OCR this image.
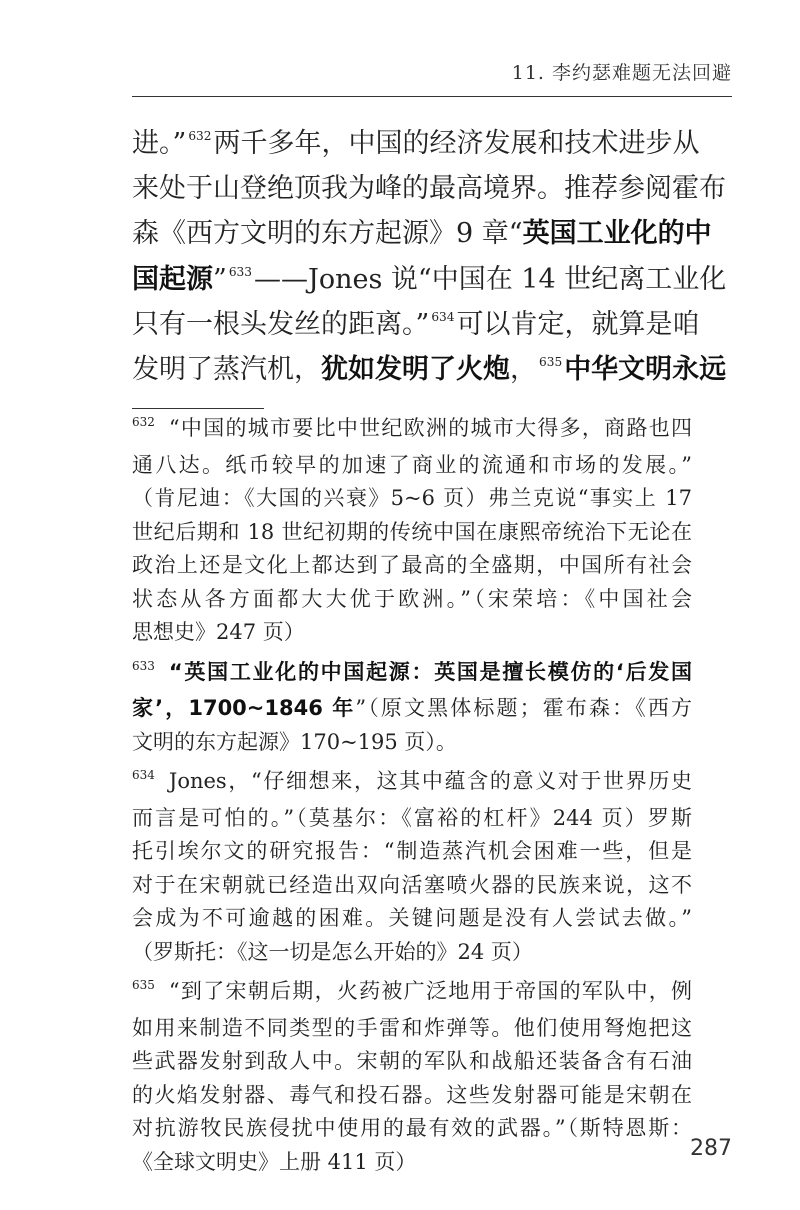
11. 李约瑟难题无法回避
进。” $^{632}$两千多年，中国的经济发展和技术进步从
来处于山登绝顶我为峰的最高境界。推荐参阅霍布
森《西方文明的东方起源》9 章“英国工业化的中
国起源” $^{633}$——Jones 说“中国在 14 世纪离工业化
只有一根头发丝的距离。” $^{634}$可以肯定，就算是咱
发明了蒸汽机，犹如发明了火炮， $^{635}$中华文明永远
$^{632}$ “中国的城市要比中世纪欧洲的城市大得多，商路也四
通八达。纸币较早的加速了商业的流通和市场的发展。”
（肯尼迪：《大国的兴衰》5~6 页）弗兰克说“事实上 17
世纪后期和 18 世纪初期的传统中国在康熙帝统治下无论在
政治上还是文化上都达到了最高的全盛期，中国所有社会
状态从各方面都大大优于欧洲。”（宋荣培：《中国社会
思想史》247 页）
$^{633}$ “英国工业化的中国起源：英国是擅长模仿的‘后发国
家’，1700~1846 年”（原文黑体标题；霍布森：《西方
文明的东方起源》170~195 页）。
$^{634}$ Jones，“仔细想来，这其中蕴含的意义对于世界历史
而言是可怕的。”（莫基尔：《富裕的杠杆》244 页）罗斯
托引埃尔文的研究报告：“制造蒸汽机会困难一些，但是
对于在宋朝就已经造出双向活塞喷火器的民族来说，这不
会成为不可逾越的困难。关键问题是没有人尝试去做。”
（罗斯托：《这一切是怎么开始的》24 页）
$^{635}$ “到了宋朝后期，火药被广泛地用于帝国的军队中，例
如用来制造不同类型的手雷和炸弹等。他们使用弩炮把这
些武器发射到敌人中。宋朝的军队和战船还装备含有石油
的火焰发射器、毒气和投石器。这些发射器可能是宋朝在
对抗游牧民族侵扰中使用的最有效的武器。”（斯特恩斯：
《全球文明史》上册 411 页）
287
